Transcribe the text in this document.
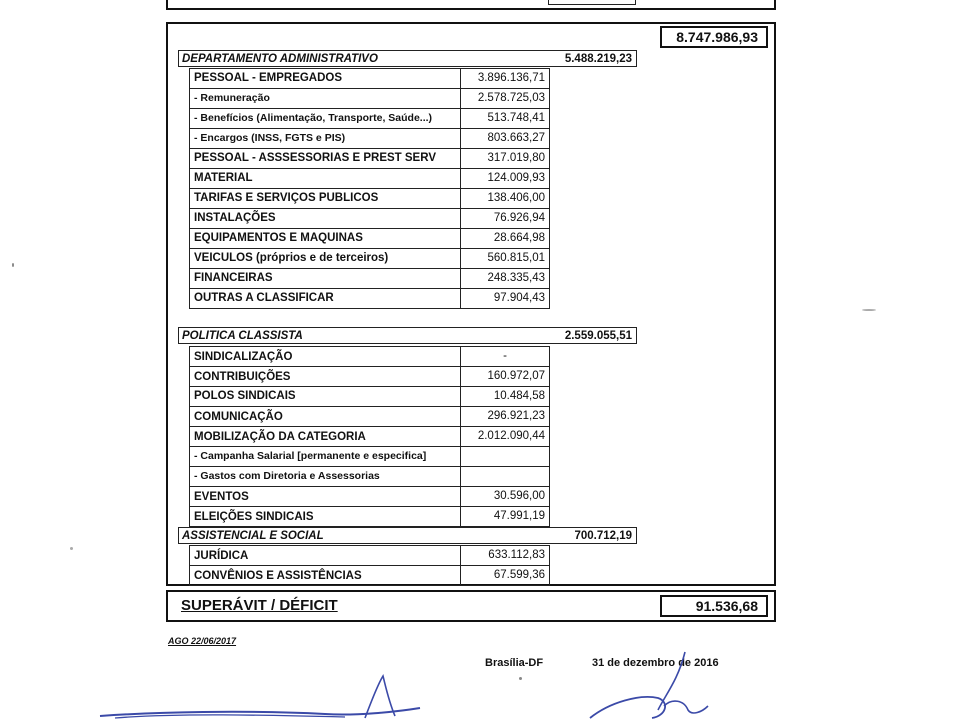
8.747.986,93
DEPARTAMENTO ADMINISTRATIVO	5.488.219,23
PESSOAL - EMPREGADOS	3.896.136,71
- Remuneração	2.578.725,03
- Benefícios (Alimentação, Transporte, Saúde...)	513.748,41
- Encargos (INSS, FGTS e PIS)	803.663,27
PESSOAL - ASSSESSORIAS E PREST SERV	317.019,80
MATERIAL	124.009,93
TARIFAS E SERVIÇOS PUBLICOS	138.406,00
INSTALAÇÕES	76.926,94
EQUIPAMENTOS E MAQUINAS	28.664,98
VEICULOS (próprios e de terceiros)	560.815,01
FINANCEIRAS	248.335,43
OUTRAS A CLASSIFICAR	97.904,43
POLITICA CLASSISTA	2.559.055,51
SINDICALIZAÇÃO	-
CONTRIBUIÇÕES	160.972,07
POLOS SINDICAIS	10.484,58
COMUNICAÇÃO	296.921,23
MOBILIZAÇÃO DA CATEGORIA	2.012.090,44
- Campanha Salarial [permanente e especifica]	
- Gastos com Diretoria e Assessorias	
EVENTOS	30.596,00
ELEIÇÕES SINDICAIS	47.991,19
ASSISTENCIAL E SOCIAL	700.712,19
JURÍDICA	633.112,83
CONVÊNIOS E ASSISTÊNCIAS	67.599,36
SUPERÁVIT / DÉFICIT	91.536,68
AGO 22/06/2017
Brasília-DF	31 de dezembro de 2016
